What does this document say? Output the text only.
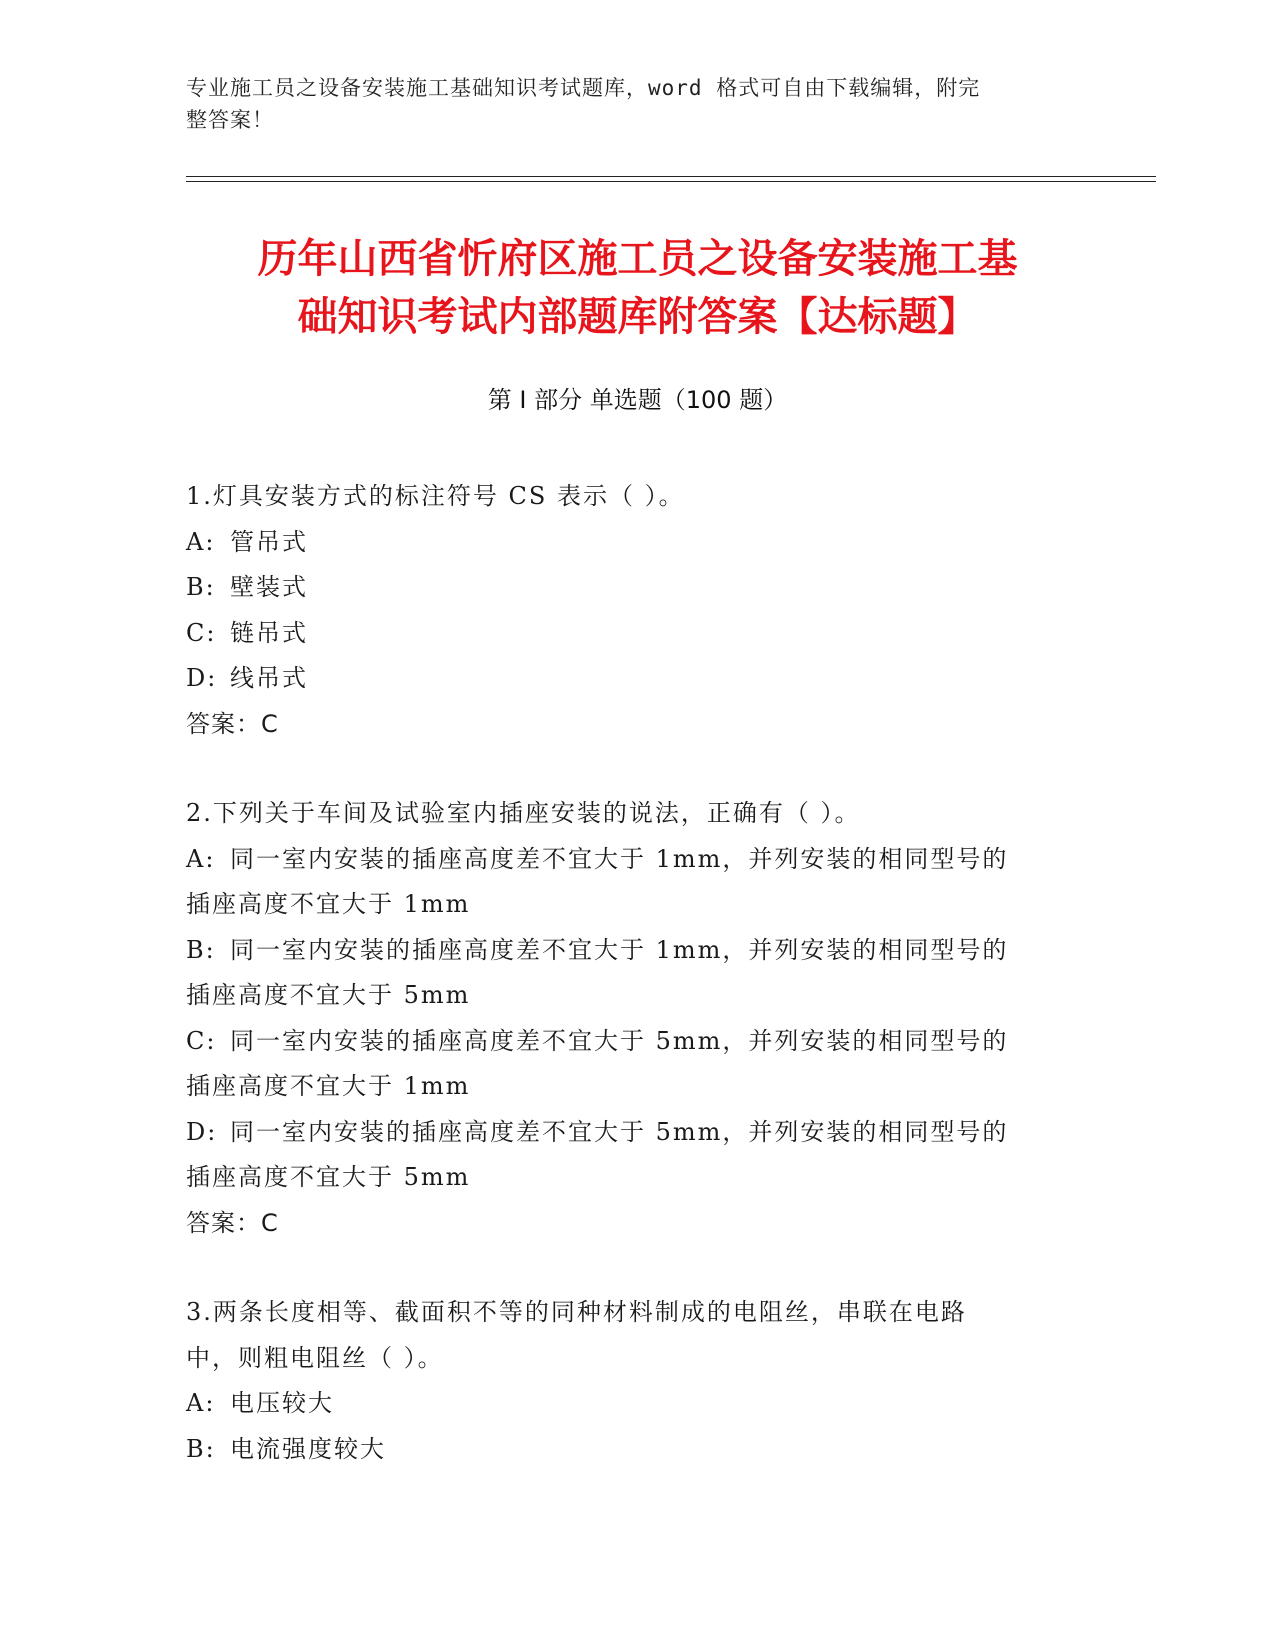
专业施工员之设备安装施工基础知识考试题库，word 格式可自由下载编辑，附完
整答案！
历年山西省忻府区施工员之设备安装施工基
础知识考试内部题库附答案【达标题】
第 I 部分 单选题（100 题）
1.灯具安装方式的标注符号 CS 表示（ ）。
A: 管吊式
B: 壁装式
C: 链吊式
D: 线吊式
答案：C
2.下列关于车间及试验室内插座安装的说法，正确有（ ）。
A: 同一室内安装的插座高度差不宜大于 1mm，并列安装的相同型号的
插座高度不宜大于 1mm
B: 同一室内安装的插座高度差不宜大于 1mm，并列安装的相同型号的
插座高度不宜大于 5mm
C: 同一室内安装的插座高度差不宜大于 5mm，并列安装的相同型号的
插座高度不宜大于 1mm
D: 同一室内安装的插座高度差不宜大于 5mm，并列安装的相同型号的
插座高度不宜大于 5mm
答案：C
3.两条长度相等、截面积不等的同种材料制成的电阻丝，串联在电路
中，则粗电阻丝（ ）。
A: 电压较大
B: 电流强度较大
